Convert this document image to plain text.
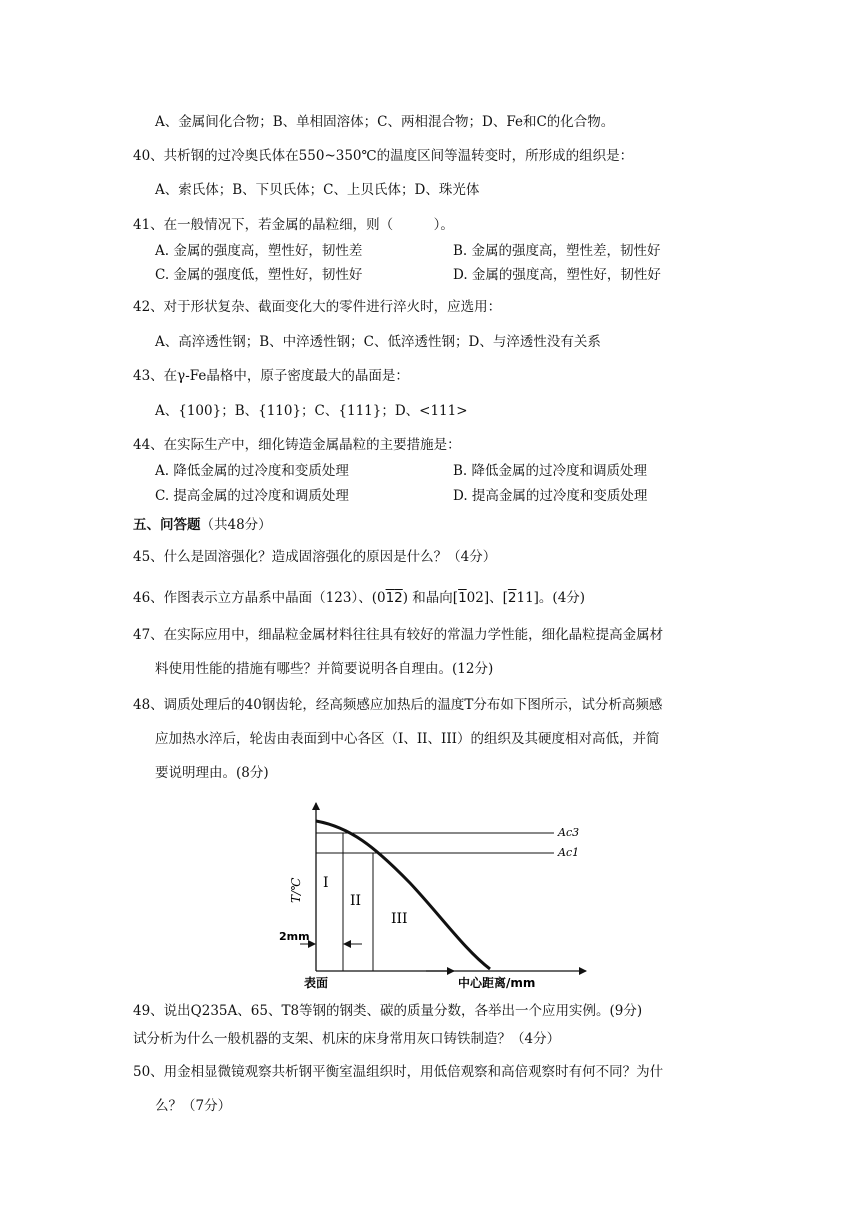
A、金属间化合物；B、单相固溶体；C、两相混合物；D、Fe和C的化合物。
40、共析钢的过冷奥氏体在550~350℃的温度区间等温转变时，所形成的组织是：
A、索氏体；B、下贝氏体；C、上贝氏体；D、珠光体
41、在一般情况下，若金属的晶粒细，则（　　　）。
A. 金属的强度高，塑性好，韧性差	B. 金属的强度高，塑性差，韧性好
C. 金属的强度低，塑性好，韧性好	D. 金属的强度高，塑性好，韧性好
42、对于形状复杂、截面变化大的零件进行淬火时，应选用：
A、高淬透性钢；B、中淬透性钢；C、低淬透性钢；D、与淬透性没有关系
43、在γ-Fe晶格中，原子密度最大的晶面是：
A、{100}；B、{110}；C、{111}；D、<111>
44、在实际生产中，细化铸造金属晶粒的主要措施是：
A. 降低金属的过冷度和变质处理	B. 降低金属的过冷度和调质处理
C. 提高金属的过冷度和调质处理	D. 提高金属的过冷度和变质处理
五、问答题（共48分）
45、什么是固溶强化？造成固溶强化的原因是什么？（4分）
46、作图表示立方晶系中晶面（123）、(012) 和晶向[102]、[211]。(4分)
47、在实际应用中，细晶粒金属材料往往具有较好的常温力学性能，细化晶粒提高金属材
料使用性能的措施有哪些？并简要说明各自理由。(12分)
48、调质处理后的40钢齿轮，经高频感应加热后的温度T分布如下图所示，试分析高频感
应加热水淬后，轮齿由表面到中心各区（I、II、III）的组织及其硬度相对高低，并简
要说明理由。(8分)
Ac3
Ac1
T/℃ I
II
III
2mm
表面	中心距离/mm
49、说出Q235A、65、T8等钢的钢类、碳的质量分数，各举出一个应用实例。(9分)
试分析为什么一般机器的支架、机床的床身常用灰口铸铁制造？（4分）
50、用金相显微镜观察共析钢平衡室温组织时，用低倍观察和高倍观察时有何不同？为什
么？（7分）
